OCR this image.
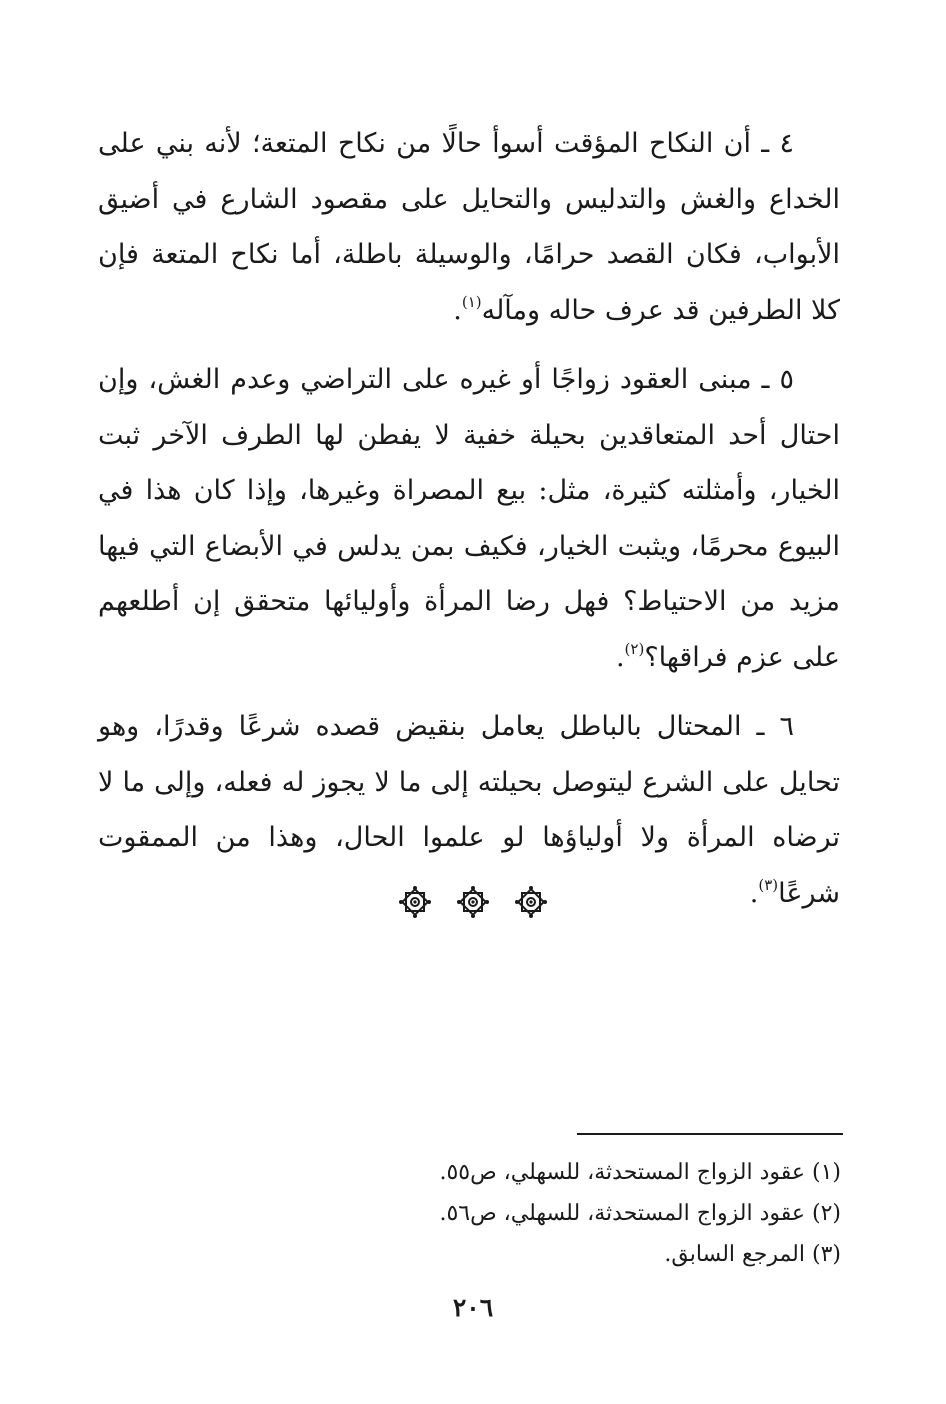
٤ ـ أن النكاح المؤقت أسوأ حالًا من نكاح المتعة؛ لأنه بني على الخداع والغش والتدليس والتحايل على مقصود الشارع في أضيق الأبواب، فكان القصد حرامًا، والوسيلة باطلة، أما نكاح المتعة فإن كلا الطرفين قد عرف حاله ومآله$^{(١)}$.

٥ ـ مبنى العقود زواجًا أو غيره على التراضي وعدم الغش، وإن احتال أحد المتعاقدين بحيلة خفية لا يفطن لها الطرف الآخر ثبت الخيار، وأمثلته كثيرة، مثل: بيع المصراة وغيرها، وإذا كان هذا في البيوع محرمًا، ويثبت الخيار، فكيف بمن يدلس في الأبضاع التي فيها مزيد من الاحتياط؟ فهل رضا المرأة وأوليائها متحقق إن أطلعهم على عزم فراقها؟$^{(٢)}$.

٦ ـ المحتال بالباطل يعامل بنقيض قصده شرعًا وقدرًا، وهو تحايل على الشرع ليتوصل بحيلته إلى ما لا يجوز له فعله، وإلى ما لا ترضاه المرأة ولا أولياؤها لو علموا الحال، وهذا من الممقوت شرعًا$^{(٣)}$.

(١) عقود الزواج المستحدثة، للسهلي، ص٥٥.

(٢) عقود الزواج المستحدثة، للسهلي، ص٥٦.

(٣) المرجع السابق.

٢٠٦
